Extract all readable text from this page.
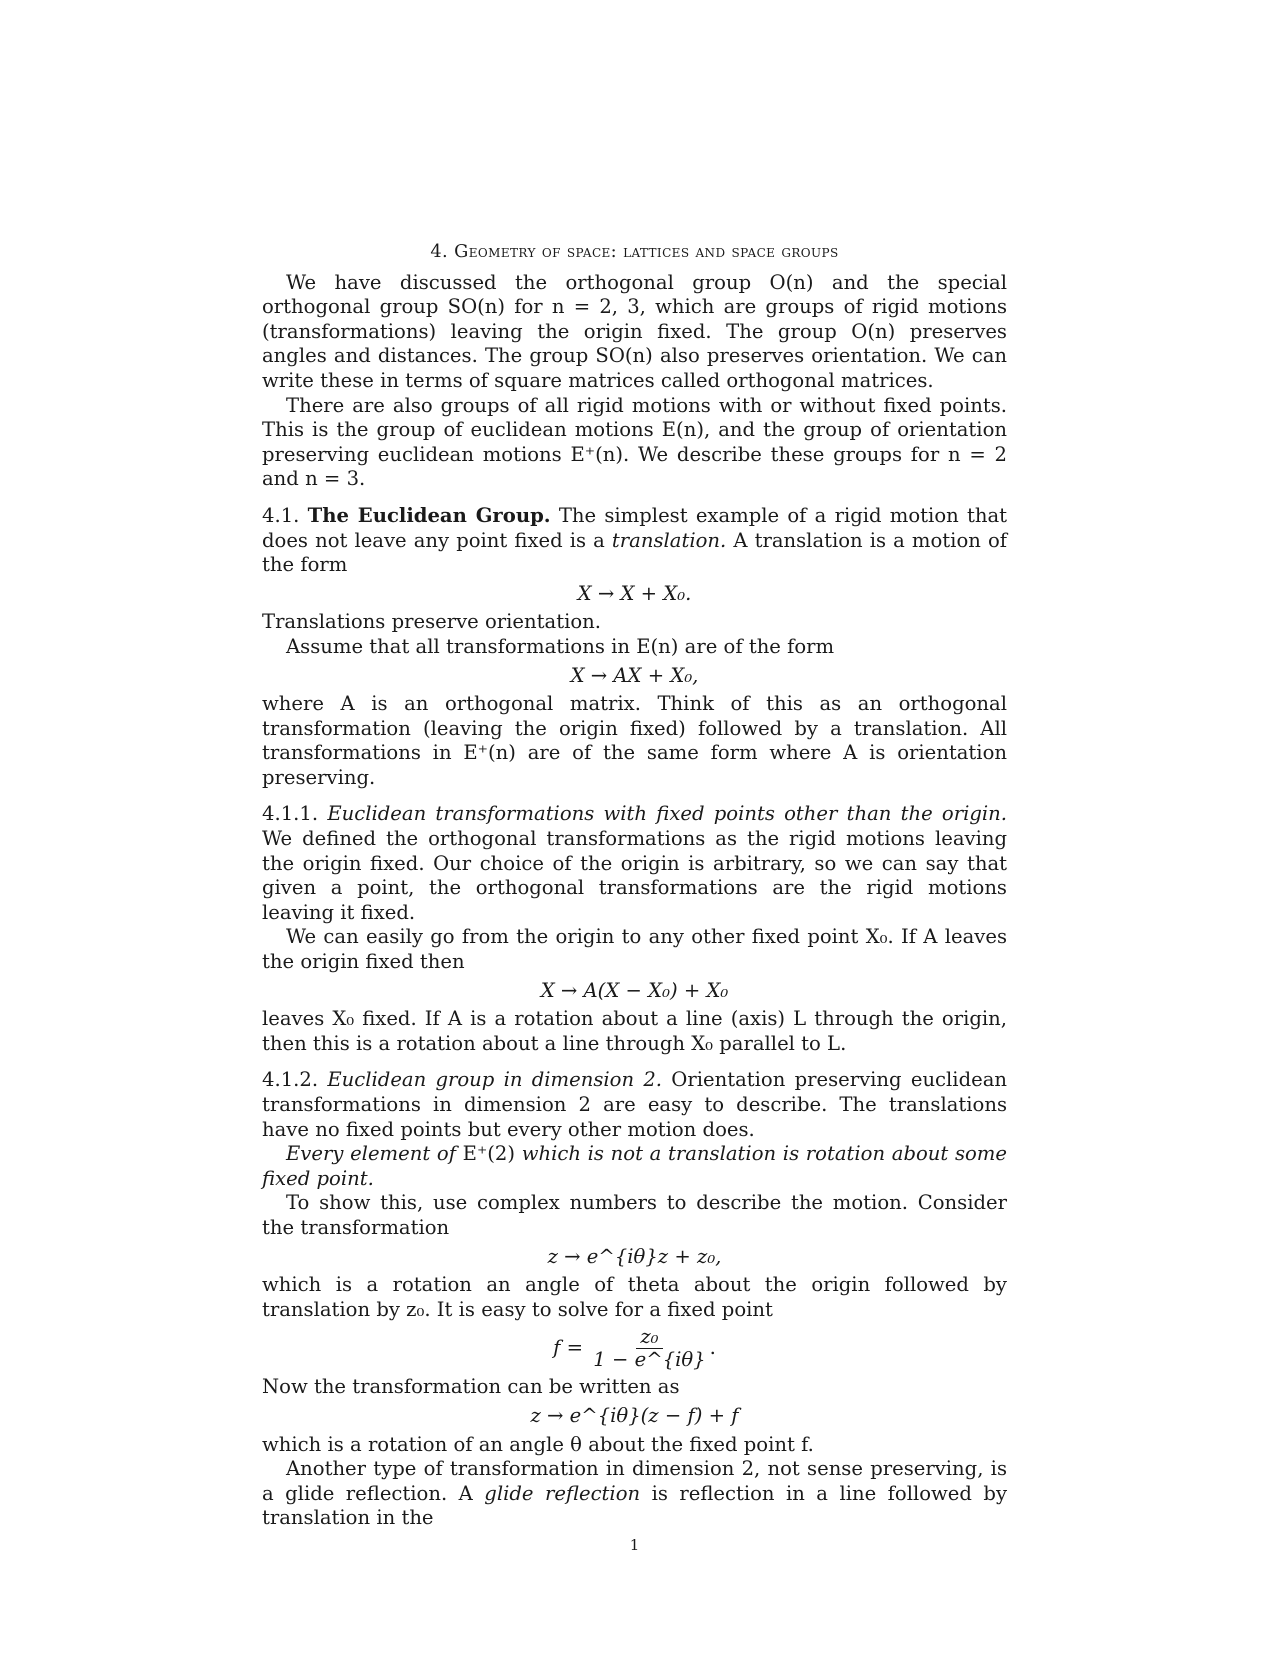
4. Geometry of space: lattices and space groups

We have discussed the orthogonal group O(n) and the special orthogonal group SO(n) for n = 2, 3, which are groups of rigid motions (transformations) leaving the origin fixed. The group O(n) preserves angles and distances. The group SO(n) also preserves orientation. We can write these in terms of square matrices called orthogonal matrices.

There are also groups of all rigid motions with or without fixed points. This is the group of euclidean motions E(n), and the group of orientation preserving euclidean motions E⁺(n). We describe these groups for n = 2 and n = 3.

4.1. The Euclidean Group. The simplest example of a rigid motion that does not leave any point fixed is a translation. A translation is a motion of the form

X → X + X₀.

Translations preserve orientation.

Assume that all transformations in E(n) are of the form

X → AX + X₀,

where A is an orthogonal matrix. Think of this as an orthogonal transformation (leaving the origin fixed) followed by a translation. All transformations in E⁺(n) are of the same form where A is orientation preserving.

4.1.1. Euclidean transformations with fixed points other than the origin. We defined the orthogonal transformations as the rigid motions leaving the origin fixed. Our choice of the origin is arbitrary, so we can say that given a point, the orthogonal transformations are the rigid motions leaving it fixed.

We can easily go from the origin to any other fixed point X₀. If A leaves the origin fixed then

X → A(X − X₀) + X₀

leaves X₀ fixed. If A is a rotation about a line (axis) L through the origin, then this is a rotation about a line through X₀ parallel to L.

4.1.2. Euclidean group in dimension 2. Orientation preserving euclidean transformations in dimension 2 are easy to describe. The translations have no fixed points but every other motion does.

Every element of E⁺(2) which is not a translation is rotation about some fixed point.

To show this, use complex numbers to describe the motion. Consider the transformation

z → e^{iθ}z + z₀,

which is a rotation an angle of theta about the origin followed by translation by z₀. It is easy to solve for a fixed point

$f = \frac{\text{z₀}}{1 - e\^{}\{i\theta\}}$ .

Now the transformation can be written as

z → e^{iθ}(z − f) + f

which is a rotation of an angle θ about the fixed point f.

Another type of transformation in dimension 2, not sense preserving, is a glide reflection. A glide reflection is reflection in a line followed by translation in the

1
